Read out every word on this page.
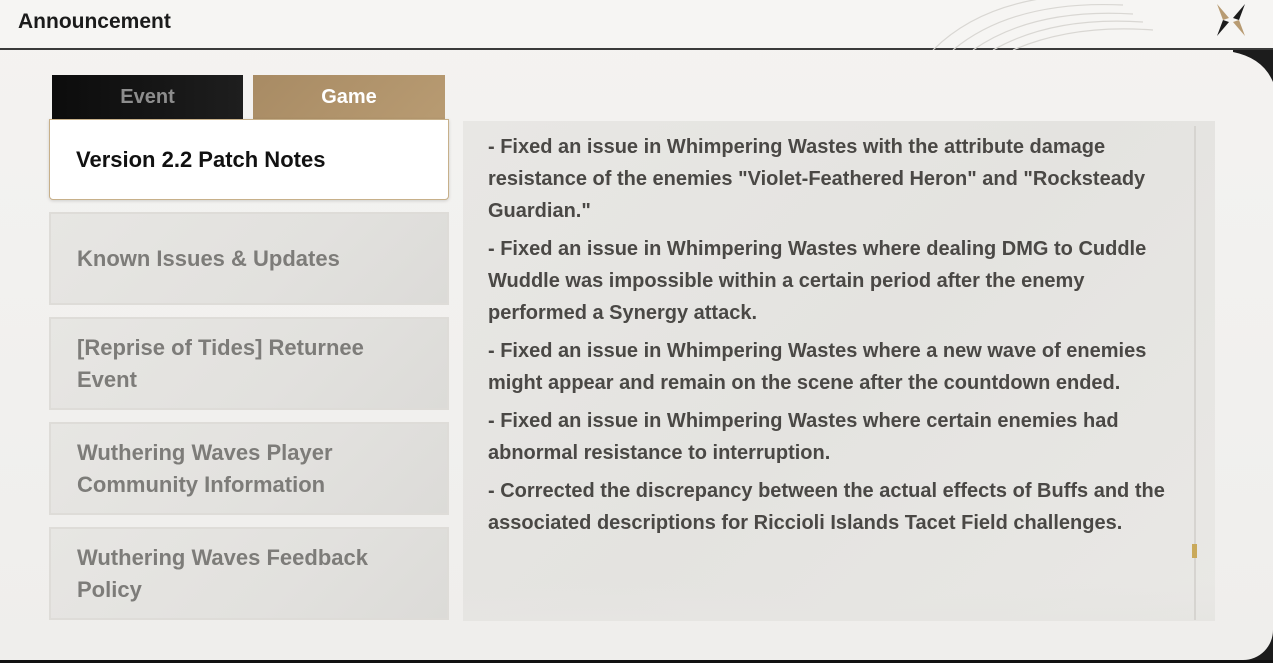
Announcement
Event	Game
Version 2.2 Patch Notes
Known Issues & Updates
[Reprise of Tides] Returnee Event
Wuthering Waves Player Community Information
Wuthering Waves Feedback Policy

- Fixed an issue in Whimpering Wastes with the attribute damage resistance of the enemies "Violet-Feathered Heron" and "Rocksteady Guardian."

- Fixed an issue in Whimpering Wastes where dealing DMG to Cuddle Wuddle was impossible within a certain period after the enemy performed a Synergy attack.

- Fixed an issue in Whimpering Wastes where a new wave of enemies might appear and remain on the scene after the countdown ended.

- Fixed an issue in Whimpering Wastes where certain enemies had abnormal resistance to interruption.

- Corrected the discrepancy between the actual effects of Buffs and the associated descriptions for Riccioli Islands Tacet Field challenges.
